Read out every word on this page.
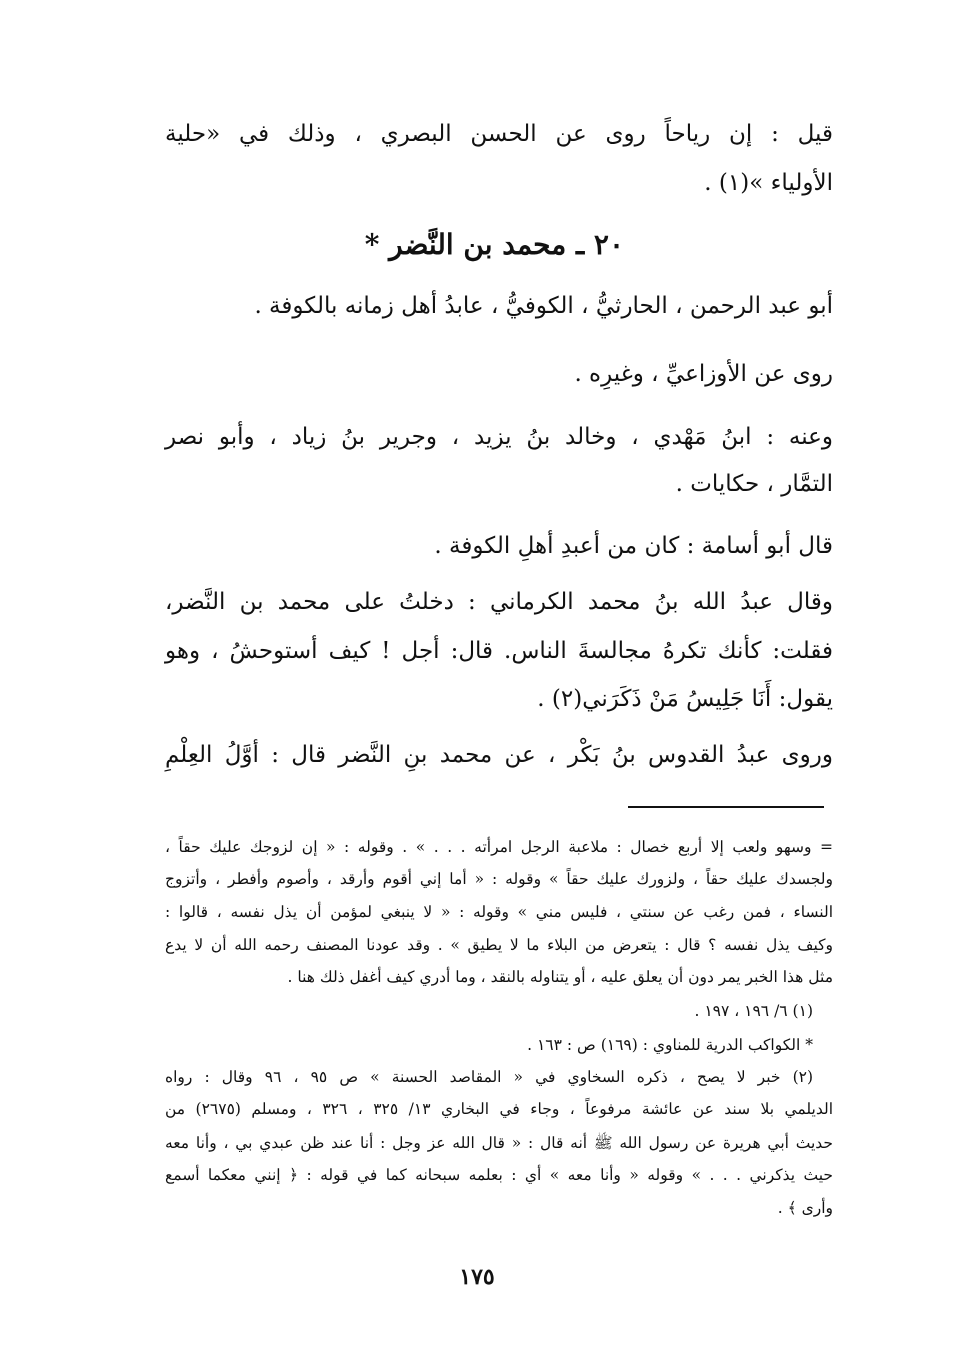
قيل : إن رياحاً روى عن الحسن البصري ، وذلك في «حلية
الأولياء »(١) .
أبو عبد الرحمن ، الحارثيُّ ، الكوفيُّ ، عابدُ أهل زمانه بالكوفة .
روى عن الأوزاعيِّ ، وغيرِه .
وعنه : ابنُ مَهْدي ، وخالد بنُ يزيد ، وجرير بنُ زياد ، وأبو نصر
التمَّار ، حكايات .
قال أبو أسامة : كان من أعبدِ أهلِ الكوفة .
وقال عبدُ الله بنُ محمد الكرماني : دخلتُ على محمد بن النَّضر،
فقلت: كأنك تكرهُ مجالسةَ الناس. قال: أجل ! كيف أستوحشُ ، وهو
يقول: أَنَا جَلِيسُ مَنْ ذَكَرَني(٢) .
وروى عبدُ القدوس بنُ بَكْر ، عن محمد بنِ النَّضر قال : أوَّلُ العِلْمِ
٢٠ ـ محمد بن النَّضر *
= وسهو ولعب إلا أربع خصال : ملاعبة الرجل امرأته . . . » . وقوله : « إن لزوجك عليك حقاً ،
ولجسدك عليك حقاً ، ولزورك عليك حقاً » وقوله : « أما إني أقوم وأرقد ، وأصوم وأفطر ، وأتزوج
النساء ، فمن رغب عن سنتي ، فليس مني » وقوله : « لا ينبغي لمؤمن أن يذل نفسه ، قالوا :
وكيف يذل نفسه ؟ قال : يتعرض من البلاء ما لا يطيق » . وقد عودنا المصنف رحمه الله أن لا يدع
مثل هذا الخبر يمر دون أن يعلق عليه ، أو يتناوله بالنقد ، وما أدري كيف أغفل ذلك هنا .
(١) ٦/ ١٩٦ ، ١٩٧ .
* الكواكب الدرية للمناوي : (١٦٩) ص : ١٦٣ .
(٢) خبر لا يصح ، ذكره السخاوي في « المقاصد الحسنة » ص ٩٥ ، ٩٦ وقال : رواه
الديلمي بلا سند عن عائشة مرفوعاً ، وجاء في البخاري ١٣/ ٣٢٥ ، ٣٢٦ ، ومسلم (٢٦٧٥) من
حديث أبي هريرة عن رسول الله ﷺ أنه قال : « قال الله عز وجل : أنا عند ظن عبدي بي ، وأنا معه
حيث يذكرني . . . » وقوله « وأنا معه » أي : بعلمه سبحانه كما في قوله : ﴿ إنني معكما أسمع
وأرى ﴾ .
١٧٥
